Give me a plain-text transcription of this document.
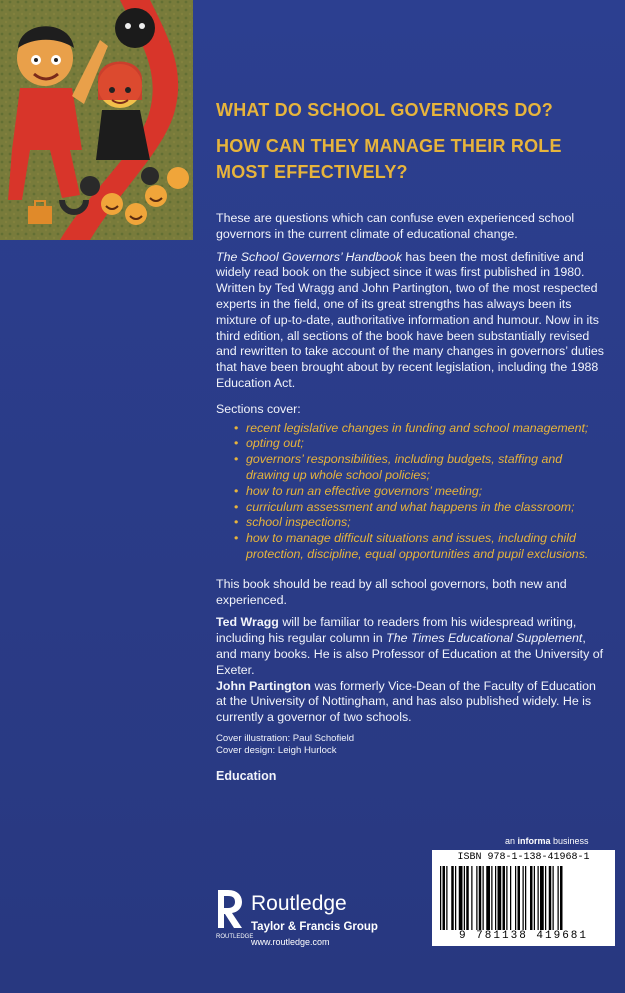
WHAT DO SCHOOL GOVERNORS DO?

HOW CAN THEY MANAGE THEIR ROLE MOST EFFECTIVELY?

These are questions which can confuse even experienced school governors in the current climate of educational change.

The School Governors’ Handbook has been the most definitive and widely read book on the subject since it was first published in 1980. Written by Ted Wragg and John Partington, two of the most respected experts in the field, one of its great strengths has always been its mixture of up-to-date, authoritative information and humour. Now in its third edition, all sections of the book have been substantially revised and rewritten to take account of the many changes in governors’ duties that have been brought about by recent legislation, including the 1988 Education Act.

Sections cover:
• recent legislative changes in funding and school management;
• opting out;
• governors’ responsibilities, including budgets, staffing and drawing up whole school policies;
• how to run an effective governors’ meeting;
• curriculum assessment and what happens in the classroom;
• school inspections;
• how to manage difficult situations and issues, including child protection, discipline, equal opportunities and pupil exclusions.

This book should be read by all school governors, both new and experienced.

Ted Wragg will be familiar to readers from his widespread writing, including his regular column in The Times Educational Supplement, and many books. He is also Professor of Education at the University of Exeter.

John Partington was formerly Vice-Dean of the Faculty of Education at the University of Nottingham, and has also published widely. He is currently a governor of two schools.

Cover illustration: Paul Schofield
Cover design: Leigh Hurlock
Education
an informa business
ISBN 978-1-138-41968-1
9 781138 419681
ROUTLEDGE
Routledge
Taylor & Francis Group
www.routledge.com
